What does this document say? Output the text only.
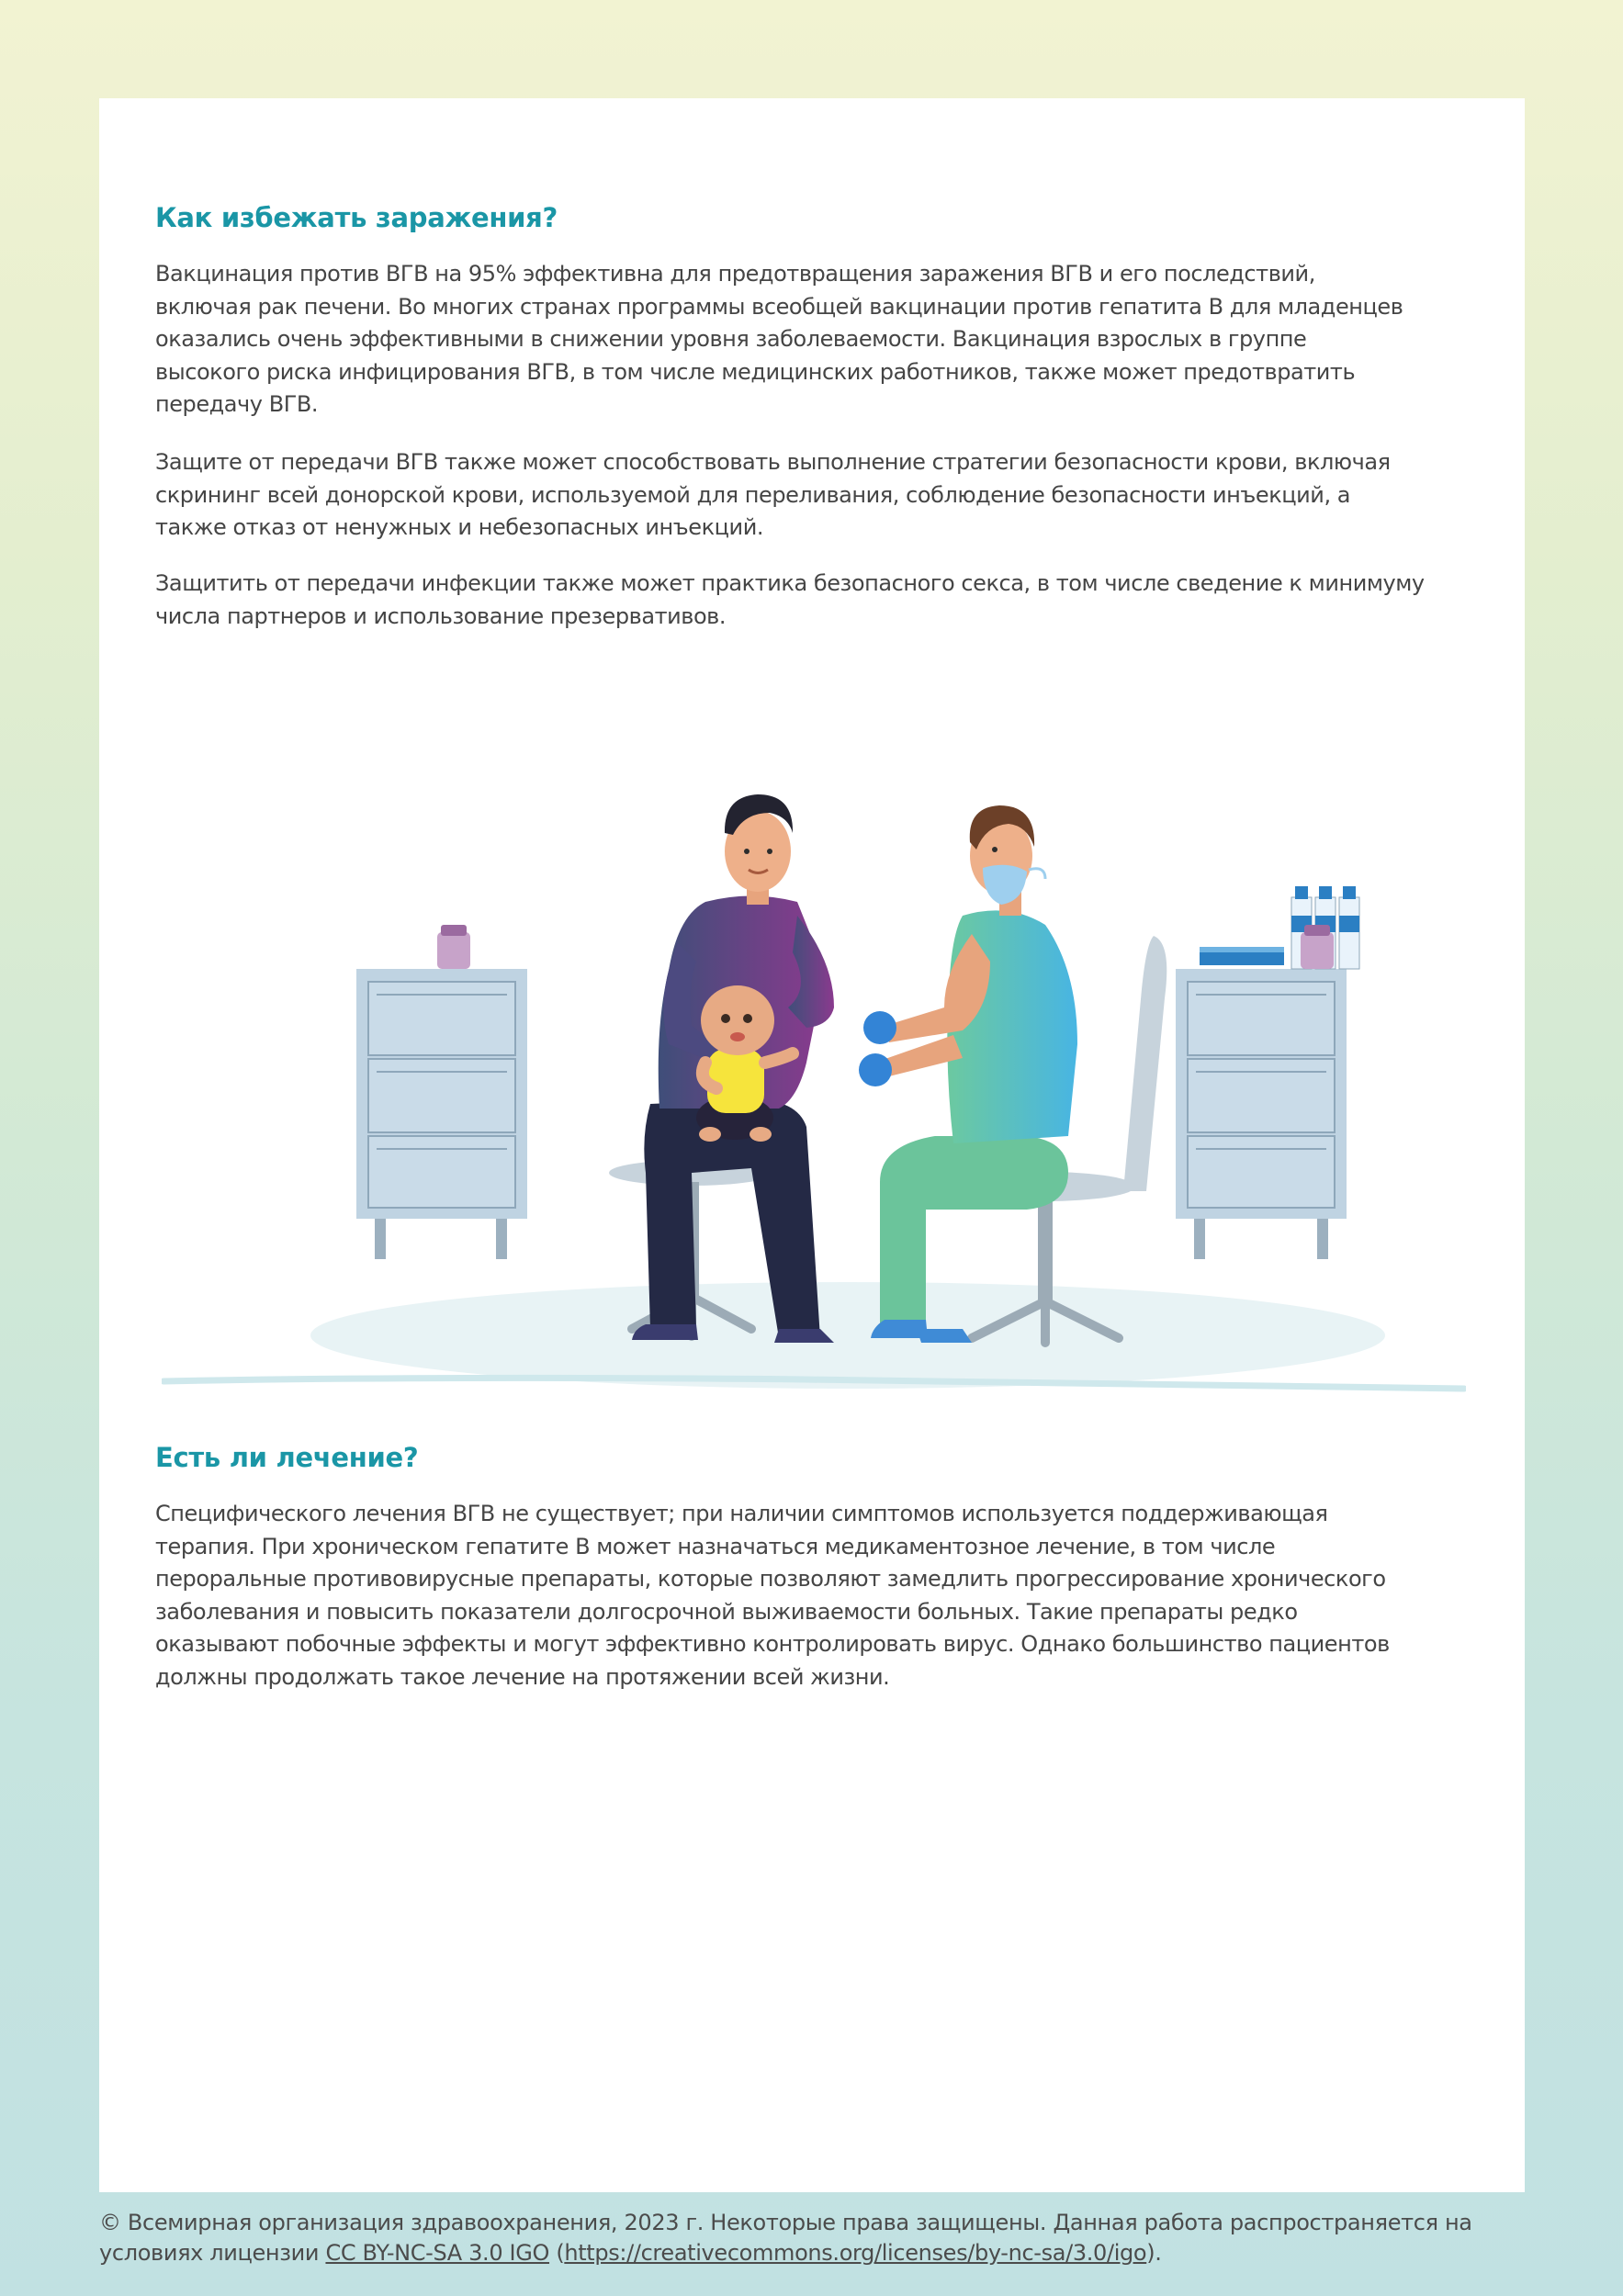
Как избежать заражения?
Вакцинация против ВГВ на 95% эффективна для предотвращения заражения ВГВ и его последствий,
включая рак печени. Во многих странах программы всеобщей вакцинации против гепатита В для младенцев
оказались очень эффективными в снижении уровня заболеваемости. Вакцинация взрослых в группе
высокого риска инфицирования ВГВ, в том числе медицинских работников, также может предотвратить
передачу ВГВ.
Защите от передачи ВГВ также может способствовать выполнение стратегии безопасности крови, включая
скрининг всей донорской крови, используемой для переливания, соблюдение безопасности инъекций, а
также отказ от ненужных и небезопасных инъекций.
Защитить от передачи инфекции также может практика безопасного секса, в том числе сведение к минимуму
числа партнеров и использование презервативов.
Есть ли лечение?
Специфического лечения ВГВ не существует; при наличии симптомов используется поддерживающая
терапия. При хроническом гепатите В может назначаться медикаментозное лечение, в том числе
пероральные противовирусные препараты, которые позволяют замедлить прогрессирование хронического
заболевания и повысить показатели долгосрочной выживаемости больных. Такие препараты редко
оказывают побочные эффекты и могут эффективно контролировать вирус. Однако большинство пациентов
должны продолжать такое лечение на протяжении всей жизни.
© Всемирная организация здравоохранения, 2023 г. Некоторые права защищены. Данная работа распространяется на
условиях лицензии CC BY-NC-SA 3.0 IGO (https://creativecommons.org/licenses/by-nc-sa/3.0/igo).
